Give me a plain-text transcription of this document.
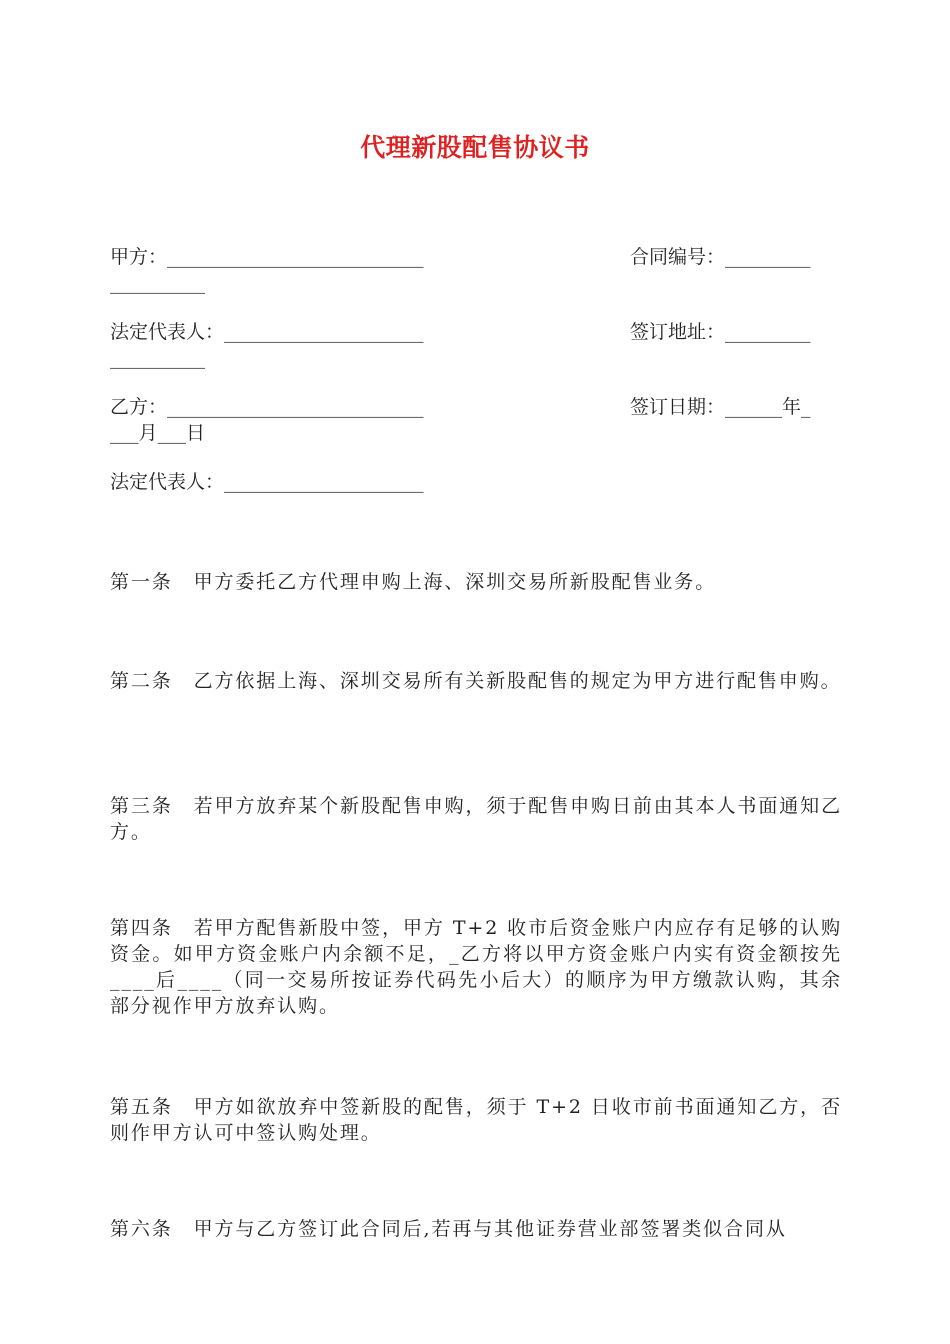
代理新股配售协议书
甲方：___________________________	合同编号：_________
__________
法定代表人：_____________________	签订地址：_________
__________
乙方：___________________________	签订日期：______年_
___月___日
法定代表人：_____________________
第一条　甲方委托乙方代理申购上海、深圳交易所新股配售业务。
第二条　乙方依据上海、深圳交易所有关新股配售的规定为甲方进行配售申购。
第三条　若甲方放弃某个新股配售申购，须于配售申购日前由其本人书面通知乙方。
第四条　若甲方配售新股中签，甲方 T+2 收市后资金账户内应存有足够的认购资金。如甲方资金账户内余额不足，_乙方将以甲方资金账户内实有资金额按先____后____（同一交易所按证券代码先小后大）的顺序为甲方缴款认购，其余部分视作甲方放弃认购。
第五条　甲方如欲放弃中签新股的配售，须于 T+2 日收市前书面通知乙方，否则作甲方认可中签认购处理。
第六条　甲方与乙方签订此合同后,若再与其他证券营业部签署类似合同从
